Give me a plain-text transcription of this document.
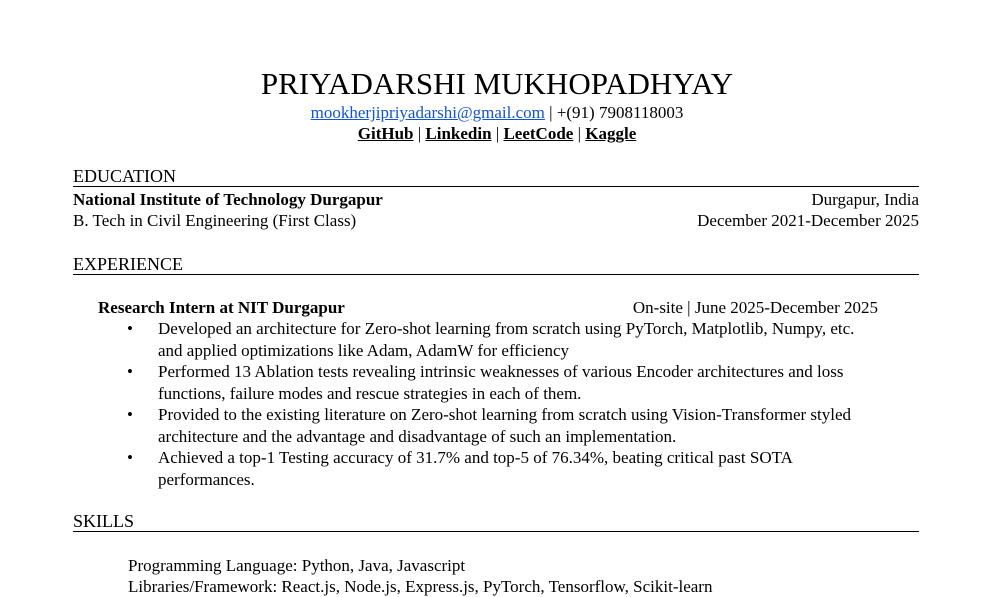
PRIYADARSHI MUKHOPADHYAY
mookherjipriyadarshi@gmail.com | +(91) 7908118003
GitHub | Linkedin | LeetCode | Kaggle
EDUCATION
National Institute of Technology Durgapur	Durgapur, India
B. Tech in Civil Engineering (First Class)	December 2021-December 2025
EXPERIENCE
Research Intern at NIT Durgapur	On-site | June 2025-December 2025
• Developed an architecture for Zero-shot learning from scratch using PyTorch, Matplotlib, Numpy, etc.
and applied optimizations like Adam, AdamW for efficiency
• Performed 13 Ablation tests revealing intrinsic weaknesses of various Encoder architectures and loss
functions, failure modes and rescue strategies in each of them.
• Provided to the existing literature on Zero-shot learning from scratch using Vision-Transformer styled
architecture and the advantage and disadvantage of such an implementation.
• Achieved a top-1 Testing accuracy of 31.7% and top-5 of 76.34%, beating critical past SOTA
performances.
SKILLS
Programming Language: Python, Java, Javascript
Libraries/Framework: React.js, Node.js, Express.js, PyTorch, Tensorflow, Scikit-learn
